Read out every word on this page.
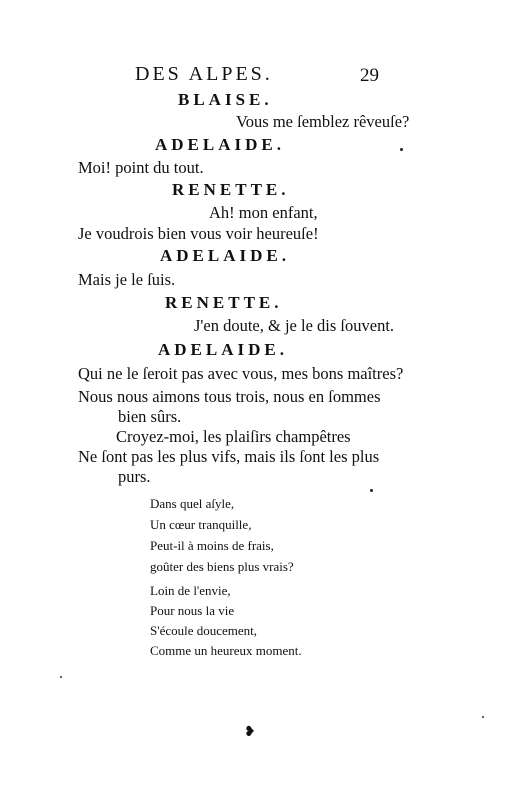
DES ALPES.	29
BLAISE.
Vous me ſemblez rêveuſe?
ADELAIDE.
Moi! point du tout.
RENETTE.
Ah! mon enfant,
Je voudrois bien vous voir heureuſe!
ADELAIDE.
Mais je le ſuis.
RENETTE.
J'en doute, & je le dis ſouvent.
ADELAIDE.
Qui ne le ſeroit pas avec vous, mes bons maîtres?
Nous nous aimons tous trois, nous en ſommes
bien sûrs.
Croyez-moi, les plaiſirs champêtres
Ne ſont pas les plus vifs, mais ils ſont les plus
purs.
Dans quel aſyle,
Un cœur tranquille,
Peut-il à moins de frais,
goûter des biens plus vrais?
Loin de l'envie,
Pour nous la vie
S'écoule doucement,
Comme un heureux moment.
❥
